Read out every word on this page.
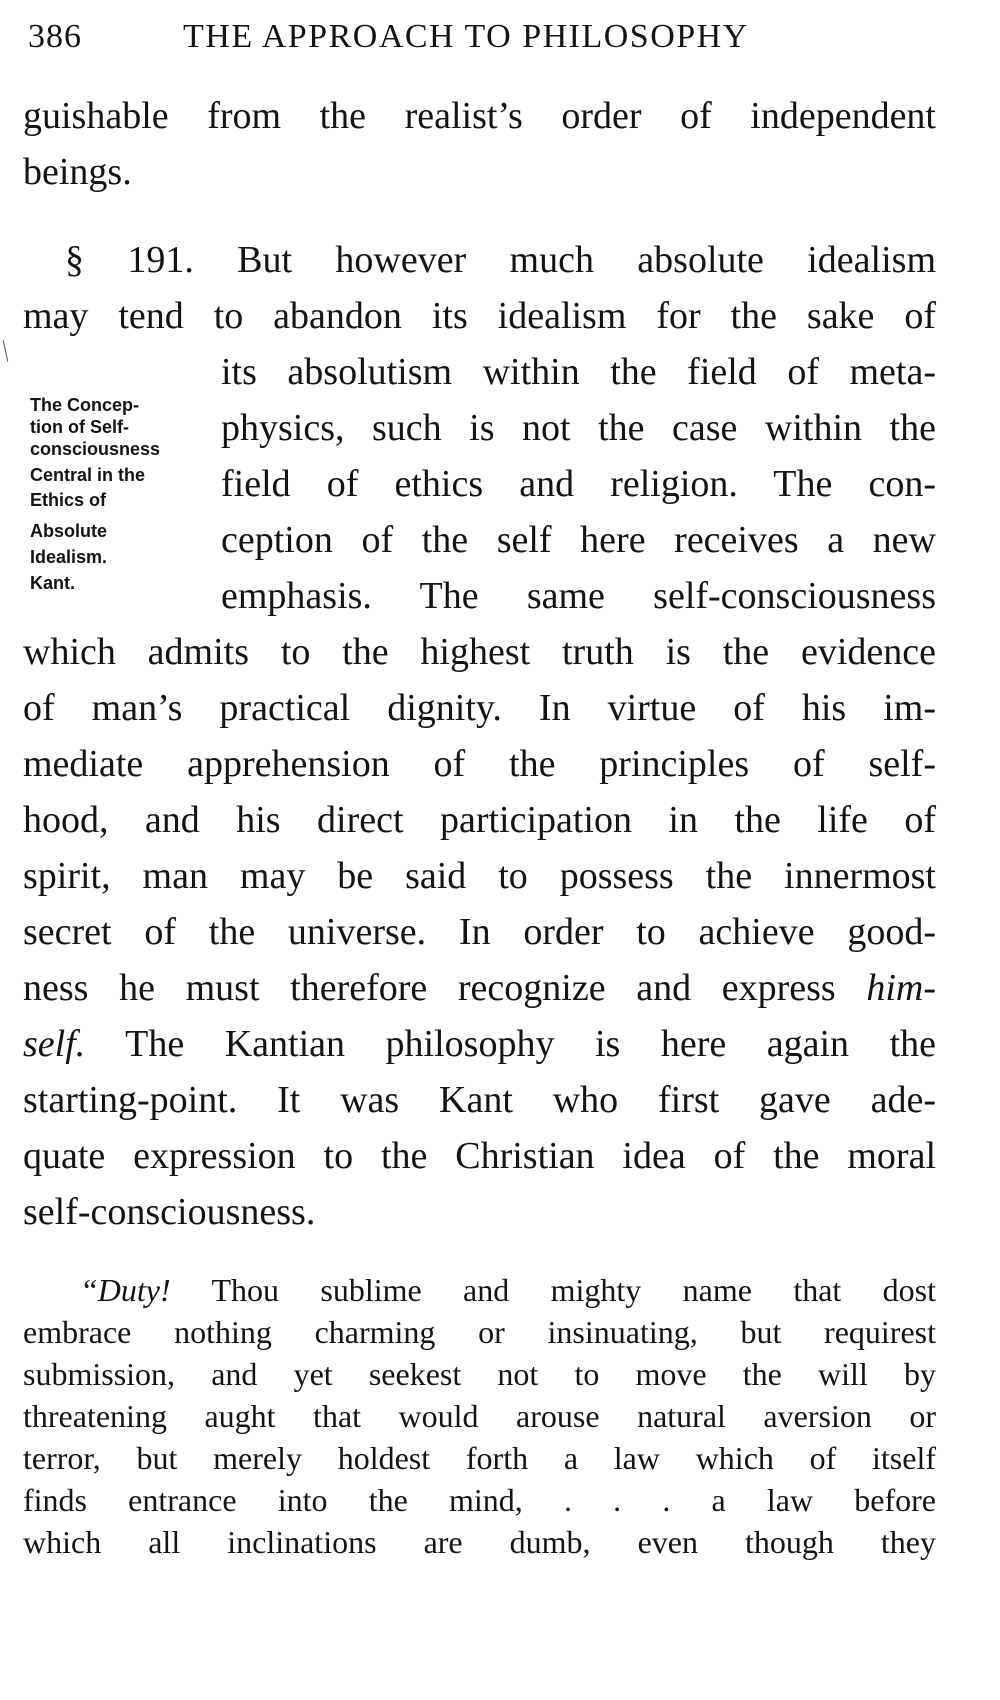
386	THE APPROACH TO PHILOSOPHY
guishable from the realist’s order of independent
beings.
§ 191. But however much absolute idealism
may tend to abandon its idealism for the sake of
The Concep-
tion of Self-
consciousness
Central in the
Ethics of
Absolute
Idealism.
Kant.
its absolutism within the field of meta-
physics, such is not the case within the
field of ethics and religion. The con-
ception of the self here receives a new
emphasis. The same self-consciousness
which admits to the highest truth is the evidence
of man’s practical dignity. In virtue of his im-
mediate apprehension of the principles of self-
hood, and his direct participation in the life of
spirit, man may be said to possess the innermost
secret of the universe. In order to achieve good-
ness he must therefore recognize and express him-
self. The Kantian philosophy is here again the
starting-point. It was Kant who first gave ade-
quate expression to the Christian idea of the moral
self-consciousness.
“Duty! Thou sublime and mighty name that dost
embrace nothing charming or insinuating, but requirest
submission, and yet seekest not to move the will by
threatening aught that would arouse natural aversion or
terror, but merely holdest forth a law which of itself
finds entrance into the mind, . . . a law before
which all inclinations are dumb, even though they
